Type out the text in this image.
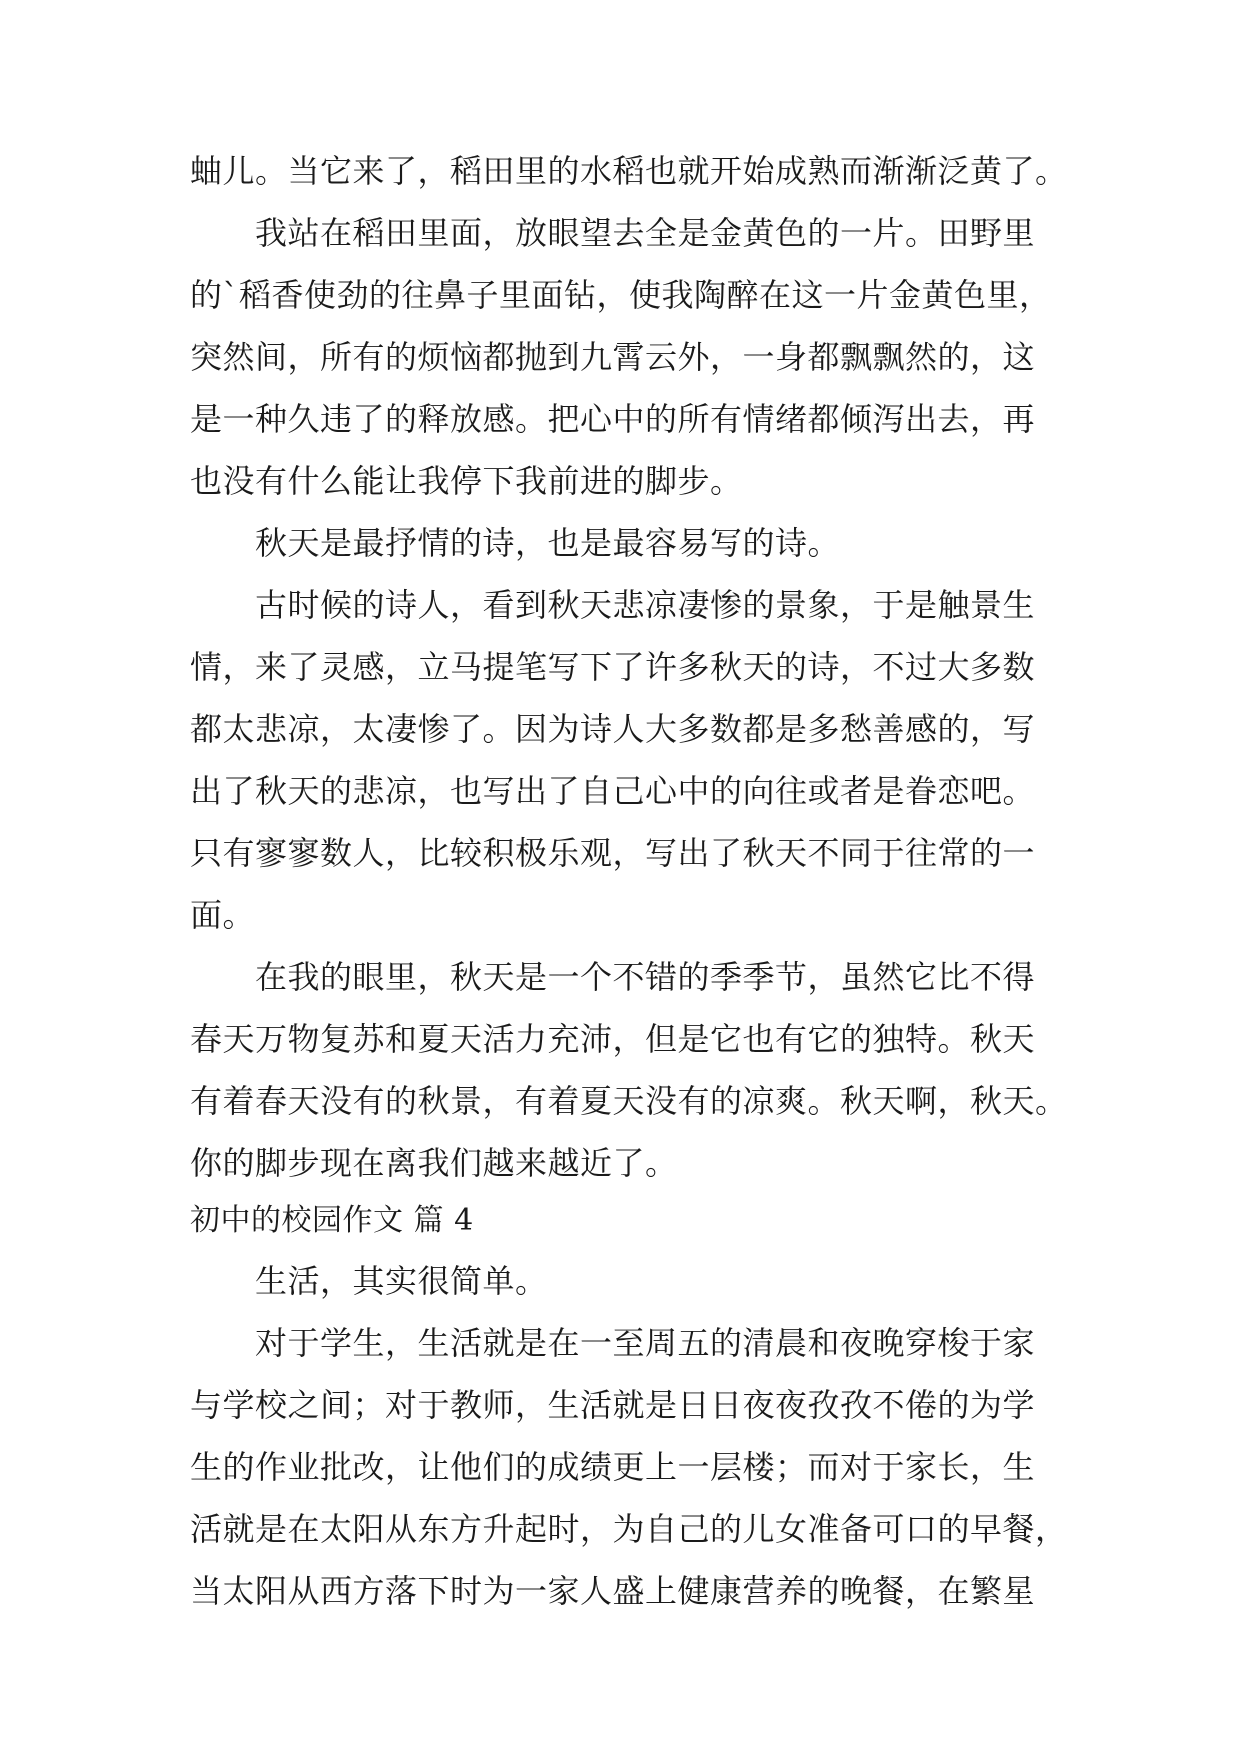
蚰儿。当它来了，稻田里的水稻也就开始成熟而渐渐泛黄了。
我站在稻田里面，放眼望去全是金黄色的一片。田野里
的`稻香使劲的往鼻子里面钻，使我陶醉在这一片金黄色里，
突然间，所有的烦恼都抛到九霄云外，一身都飘飘然的，这
是一种久违了的释放感。把心中的所有情绪都倾泻出去，再
也没有什么能让我停下我前进的脚步。
秋天是最抒情的诗，也是最容易写的诗。
古时候的诗人，看到秋天悲凉凄惨的景象，于是触景生
情，来了灵感，立马提笔写下了许多秋天的诗，不过大多数
都太悲凉，太凄惨了。因为诗人大多数都是多愁善感的，写
出了秋天的悲凉，也写出了自己心中的向往或者是眷恋吧。
只有寥寥数人，比较积极乐观，写出了秋天不同于往常的一
面。
在我的眼里，秋天是一个不错的季季节，虽然它比不得
春天万物复苏和夏天活力充沛，但是它也有它的独特。秋天
有着春天没有的秋景，有着夏天没有的凉爽。秋天啊，秋天。
你的脚步现在离我们越来越近了。
初中的校园作文 篇 4
生活，其实很简单。
对于学生，生活就是在一至周五的清晨和夜晚穿梭于家
与学校之间；对于教师，生活就是日日夜夜孜孜不倦的为学
生的作业批改，让他们的成绩更上一层楼；而对于家长，生
活就是在太阳从东方升起时，为自己的儿女准备可口的早餐，
当太阳从西方落下时为一家人盛上健康营养的晚餐，在繁星
